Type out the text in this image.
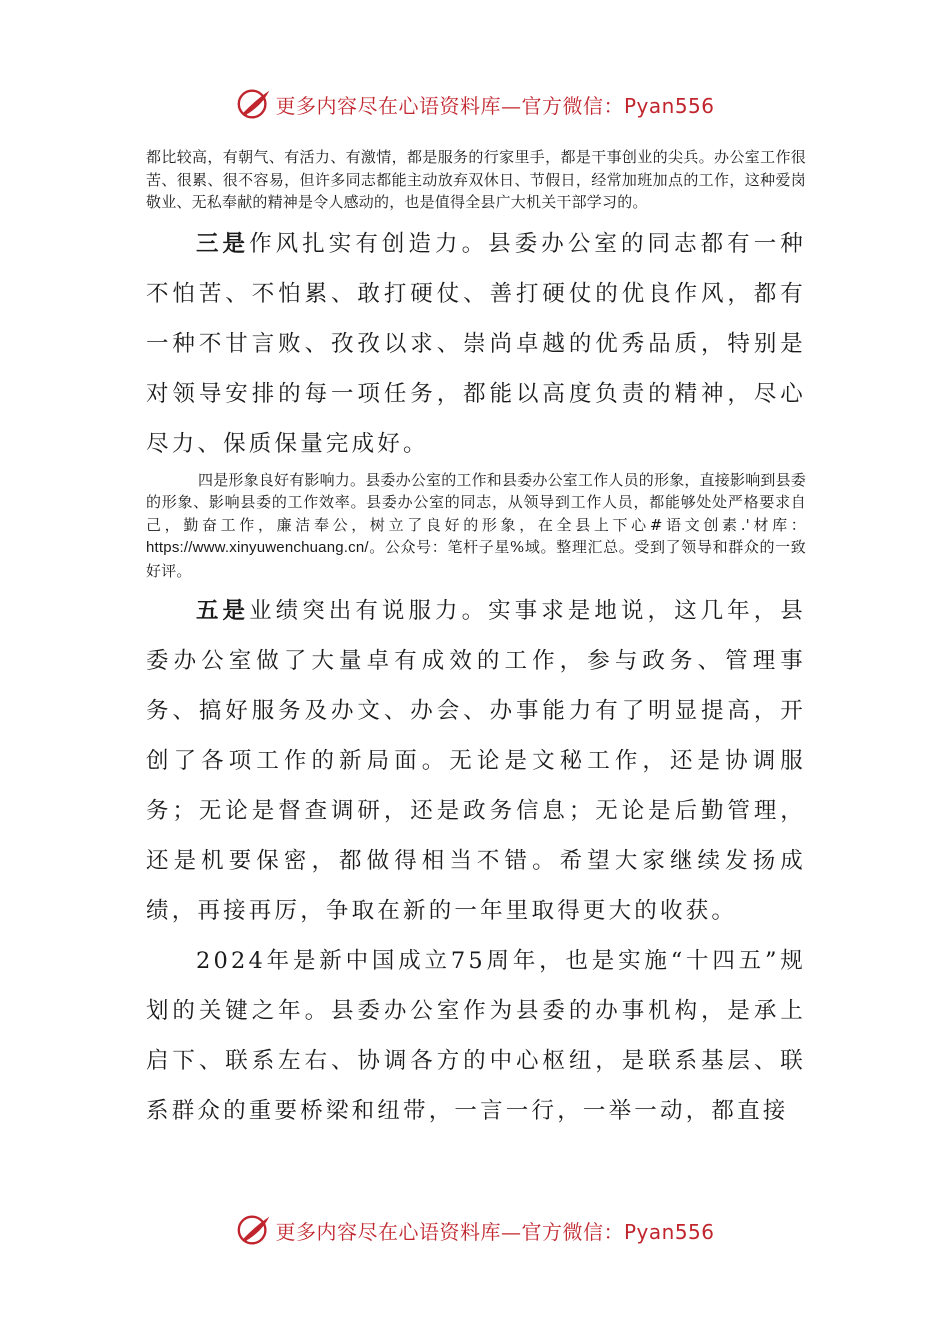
更多内容尽在心语资料库—官方微信：Pyan556

都比较高，有朝气、有活力、有激情，都是服务的行家里手，都是干事创业的尖兵。办公室工作很苦、很累、很不容易，但许多同志都能主动放弃双休日、节假日，经常加班加点的工作，这种爱岗敬业、无私奉献的精神是令人感动的，也是值得全县广大机关干部学习的。

三是作风扎实有创造力。县委办公室的同志都有一种不怕苦、不怕累、敢打硬仗、善打硬仗的优良作风，都有一种不甘言败、孜孜以求、崇尚卓越的优秀品质，特别是对领导安排的每一项任务，都能以高度负责的精神，尽心尽力、保质保量完成好。

四是形象良好有影响力。县委办公室的工作和县委办公室工作人员的形象，直接影响到县委的形象、影响县委的工作效率。县委办公室的同志，从领导到工作人员，都能够处处严格要求自己，勤奋工作，廉洁奉公，树立了良好的形象，在全县上下心#语文创素.'材库：https://www.xinyuwenchuang.cn/。公众号：笔杆子星%域。整理汇总。受到了领导和群众的一致好评。

五是业绩突出有说服力。实事求是地说，这几年，县委办公室做了大量卓有成效的工作，参与政务、管理事务、搞好服务及办文、办会、办事能力有了明显提高，开创了各项工作的新局面。无论是文秘工作，还是协调服务；无论是督查调研，还是政务信息；无论是后勤管理，还是机要保密，都做得相当不错。希望大家继续发扬成绩，再接再厉，争取在新的一年里取得更大的收获。

2024年是新中国成立75周年，也是实施“十四五”规划的关键之年。县委办公室作为县委的办事机构，是承上启下、联系左右、协调各方的中心枢纽，是联系基层、联系群众的重要桥梁和纽带，一言一行，一举一动，都直接

更多内容尽在心语资料库—官方微信：Pyan556
